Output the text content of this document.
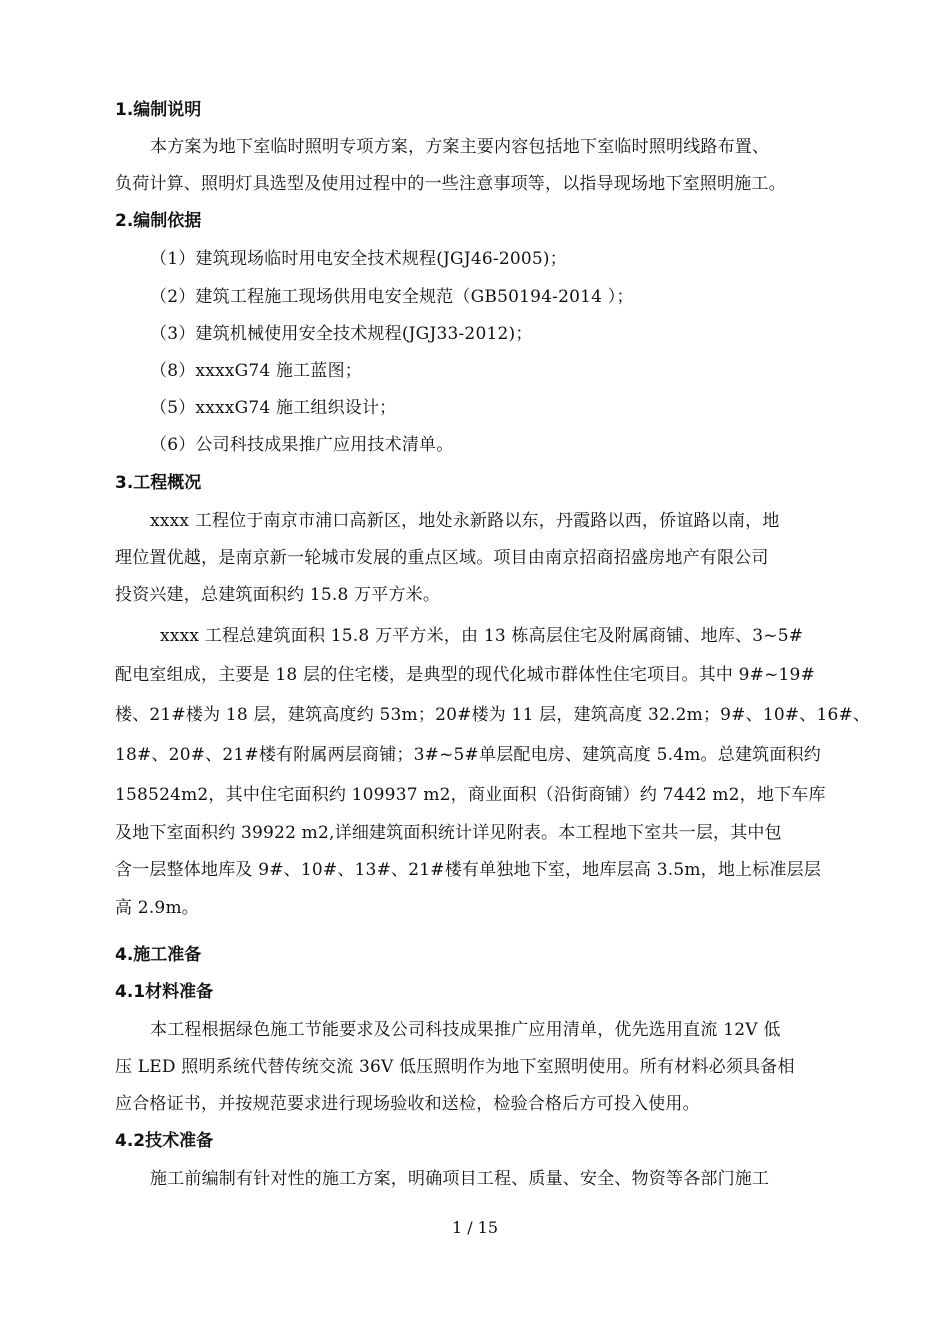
1.编制说明
本方案为地下室临时照明专项方案，方案主要内容包括地下室临时照明线路布置、
负荷计算、照明灯具选型及使用过程中的一些注意事项等，以指导现场地下室照明施工。
2.编制依据
（1）建筑现场临时用电安全技术规程(JGJ46-2005)；
（2）建筑工程施工现场供用电安全规范（GB50194-2014 ）；
（3）建筑机械使用安全技术规程(JGJ33-2012)；
（8）xxxxG74 施工蓝图；
（5）xxxxG74 施工组织设计；
（6）公司科技成果推广应用技术清单。
3.工程概况
xxxx 工程位于南京市浦口高新区，地处永新路以东，丹霞路以西，侨谊路以南，地
理位置优越，是南京新一轮城市发展的重点区域。项目由南京招商招盛房地产有限公司
投资兴建，总建筑面积约 15.8 万平方米。
xxxx 工程总建筑面积 15.8 万平方米，由 13 栋高层住宅及附属商铺、地库、3~5#
配电室组成，主要是 18 层的住宅楼，是典型的现代化城市群体性住宅项目。其中 9#~19#
楼、21#楼为 18 层，建筑高度约 53m；20#楼为 11 层，建筑高度 32.2m；9#、10#、16#、
18#、20#、21#楼有附属两层商铺；3#~5#单层配电房、建筑高度 5.4m。总建筑面积约
158524m2，其中住宅面积约 109937 m2，商业面积（沿街商铺）约 7442 m2，地下车库
及地下室面积约 39922 m2,详细建筑面积统计详见附表。本工程地下室共一层，其中包
含一层整体地库及 9#、10#、13#、21#楼有单独地下室，地库层高 3.5m，地上标准层层
高 2.9m。
4.施工准备
4.1材料准备
本工程根据绿色施工节能要求及公司科技成果推广应用清单，优先选用直流 12V 低
压 LED 照明系统代替传统交流 36V 低压照明作为地下室照明使用。所有材料必须具备相
应合格证书，并按规范要求进行现场验收和送检，检验合格后方可投入使用。
4.2技术准备
施工前编制有针对性的施工方案，明确项目工程、质量、安全、物资等各部门施工
1 / 15
